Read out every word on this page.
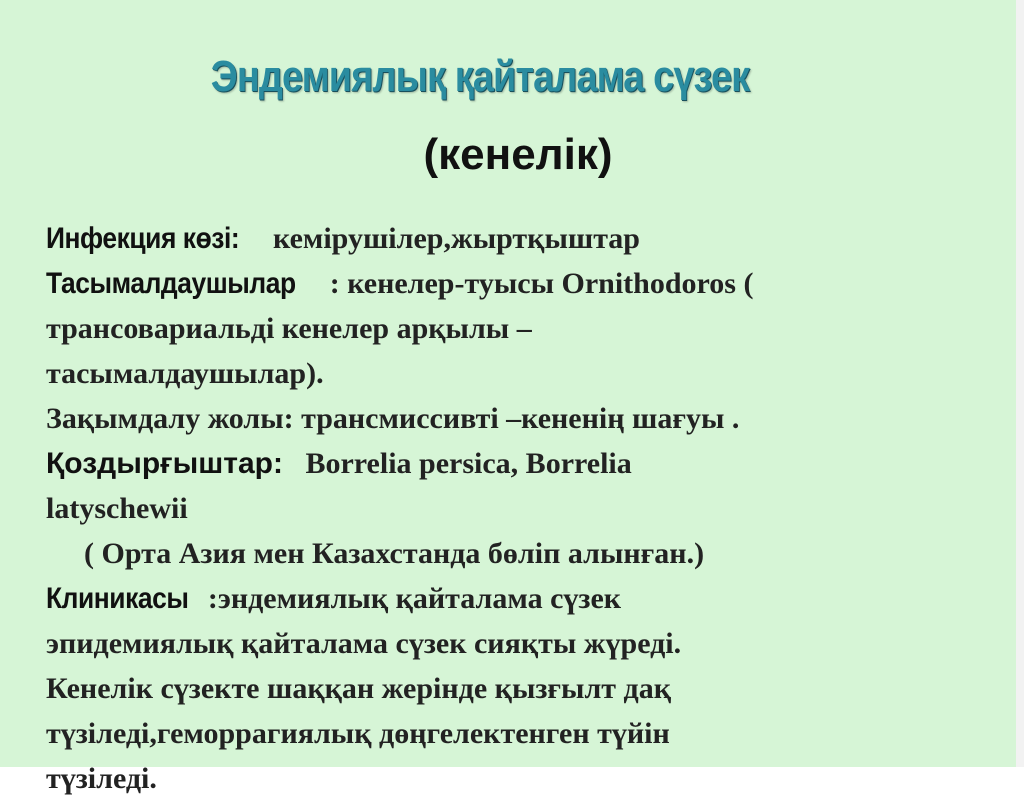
Эндемиялық қайталама сүзек
(кенелік)
Инфекция көзі: кемірушілер,жыртқыштар
Тасымалдаушылар : кенелер-туысы Ornithodoros (
трансовариальді кенелер арқылы –
тасымалдаушылар).
Зақымдалу жолы: трансмиссивті –кененің шағуы .
Қоздырғыштар: Borrelia persica, Borrelia
latyschewii
( Орта Азия мен Казахстанда бөліп алынған.)
Клиникасы :эндемиялық қайталама сүзек
эпидемиялық қайталама сүзек сияқты жүреді.
Кенелік сүзекте шаққан жерінде қызғылт дақ
түзіледі,геморрагиялық дөңгелектенген түйін
түзіледі.
